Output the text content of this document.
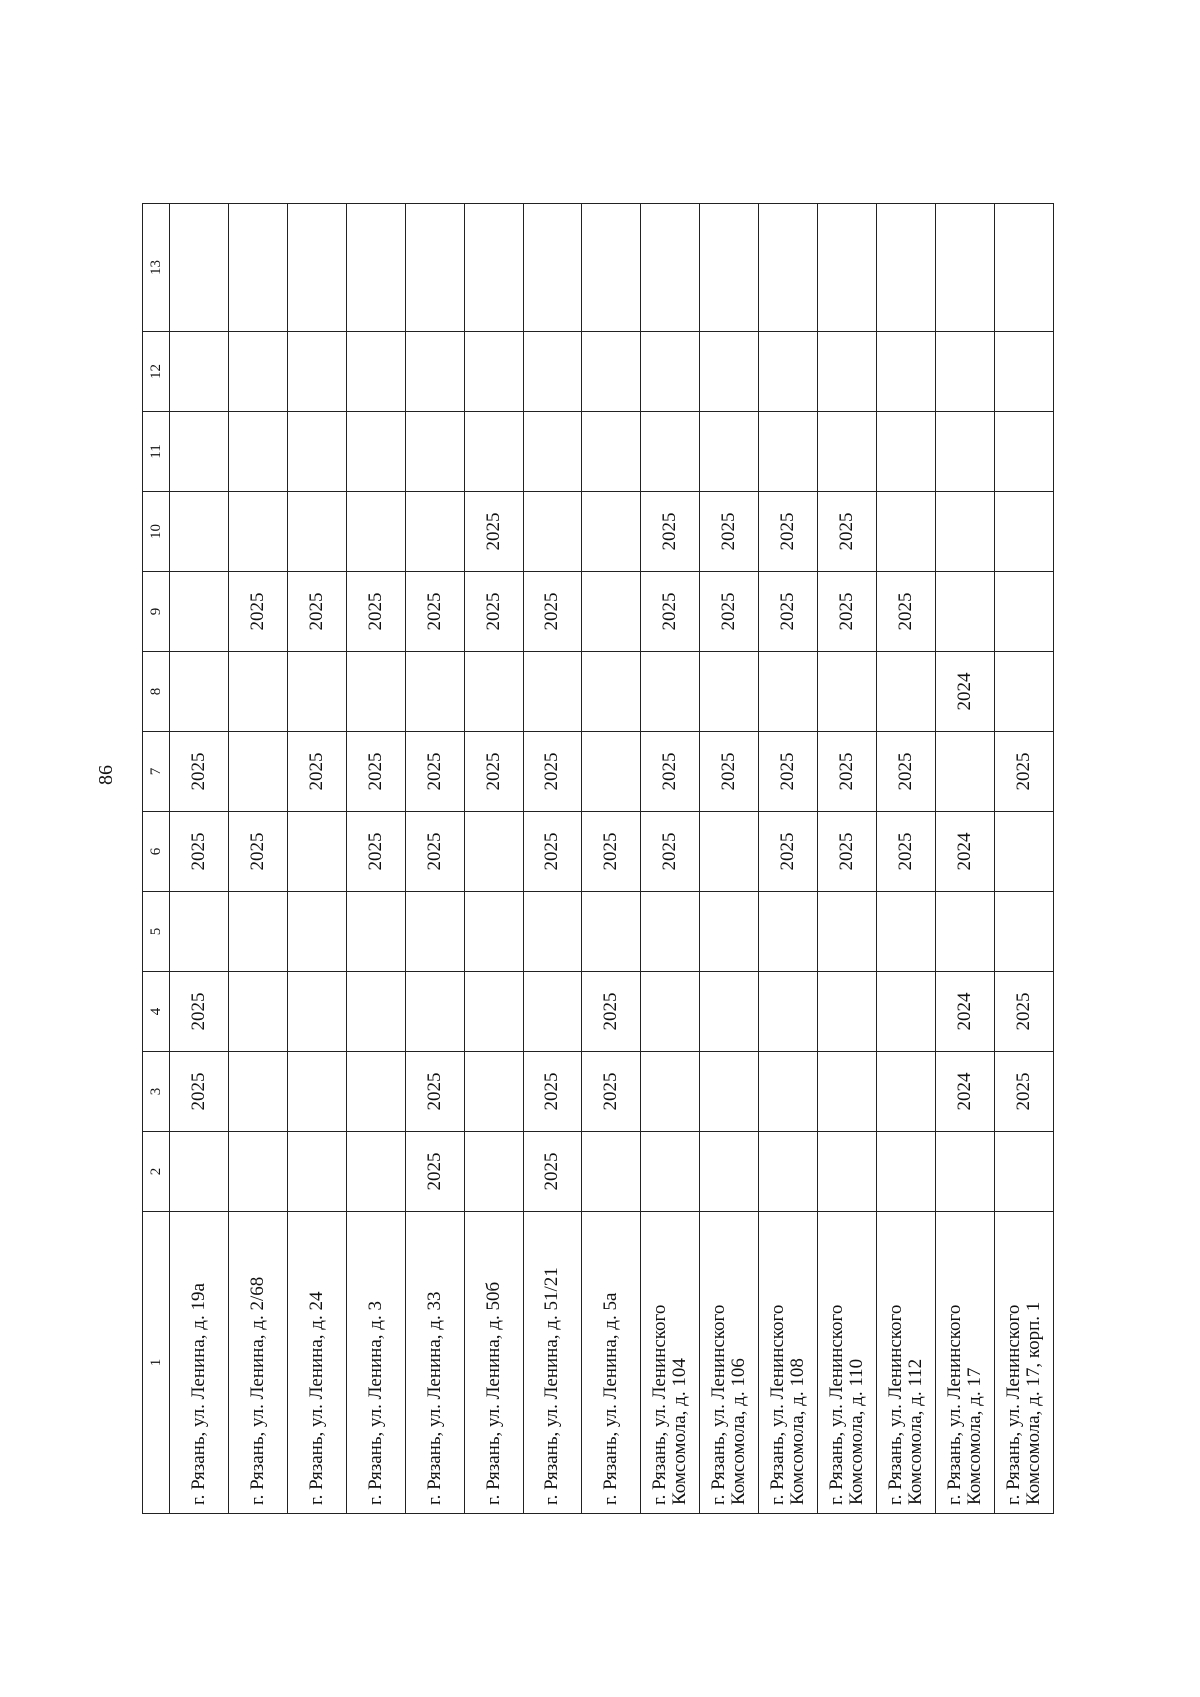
86
1	2	3	4	5	6	7	8	9	10	11	12	13
г. Рязань, ул. Ленина, д. 19а		2025	2025		2025	2025						
г. Рязань, ул. Ленина, д. 2/68					2025			2025				
г. Рязань, ул. Ленина, д. 24						2025		2025				
г. Рязань, ул. Ленина, д. 3					2025	2025		2025				
г. Рязань, ул. Ленина, д. 33	2025	2025			2025	2025		2025				
г. Рязань, ул. Ленина, д. 50б						2025		2025	2025			
г. Рязань, ул. Ленина, д. 51/21	2025	2025			2025	2025		2025				
г. Рязань, ул. Ленина, д. 5а		2025	2025		2025							
г. Рязань, ул. Ленинского Комсомола, д. 104					2025	2025		2025	2025			
г. Рязань, ул. Ленинского Комсомола, д. 106						2025		2025	2025			
г. Рязань, ул. Ленинского Комсомола, д. 108					2025	2025		2025	2025			
г. Рязань, ул. Ленинского Комсомола, д. 110					2025	2025		2025	2025			
г. Рязань, ул. Ленинского Комсомола, д. 112					2025	2025		2025				
г. Рязань, ул. Ленинского Комсомола, д. 17		2024	2024		2024		2024					
г. Рязань, ул. Ленинского Комсомола, д. 17, корп. 1		2025	2025			2025						
